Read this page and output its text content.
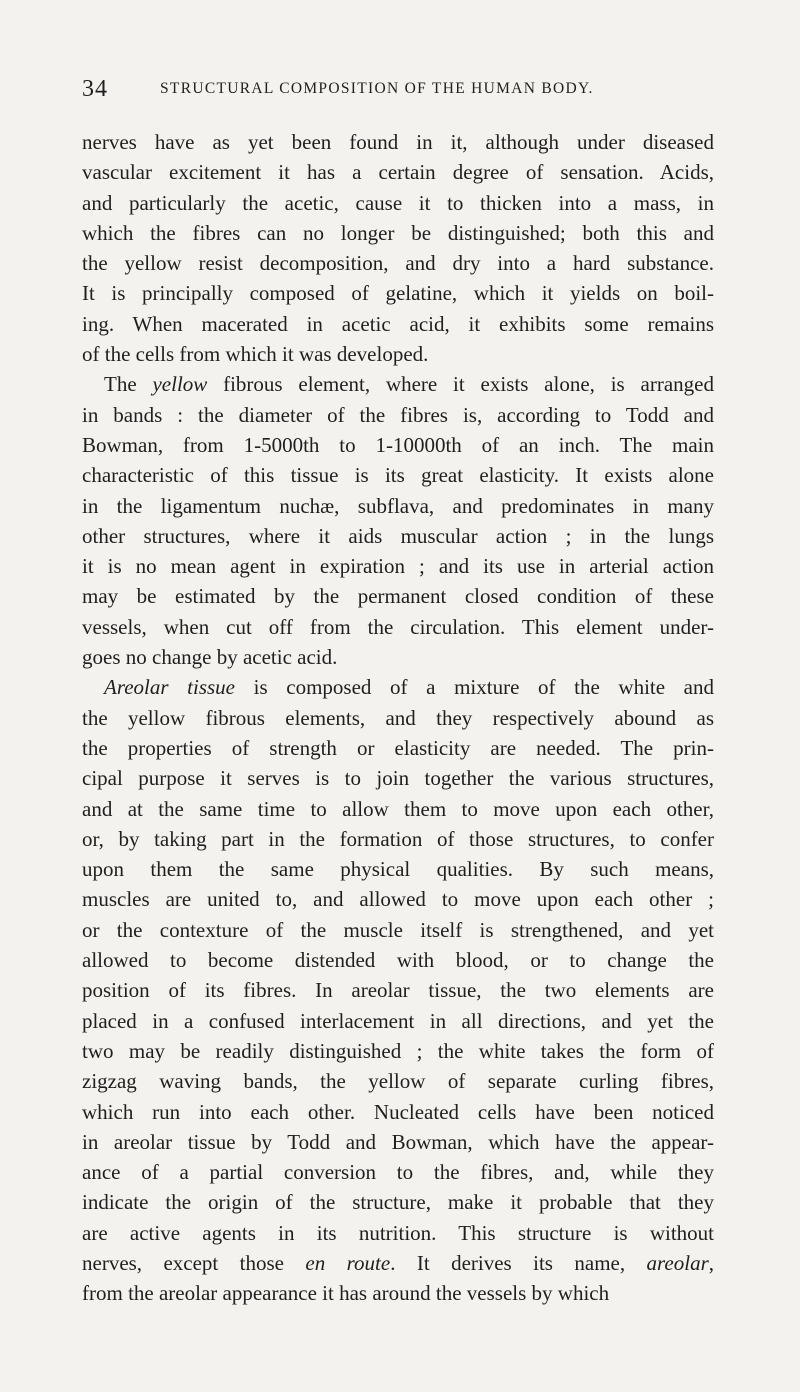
34	STRUCTURAL COMPOSITION OF THE HUMAN BODY.
nerves have as yet been found in it, although under diseased
vascular excitement it has a certain degree of sensation. Acids,
and particularly the acetic, cause it to thicken into a mass, in
which the fibres can no longer be distinguished; both this and
the yellow resist decomposition, and dry into a hard substance.
It is principally composed of gelatine, which it yields on boil-
ing. When macerated in acetic acid, it exhibits some remains
of the cells from which it was developed.
The yellow fibrous element, where it exists alone, is arranged
in bands : the diameter of the fibres is, according to Todd and
Bowman, from 1-5000th to 1-10000th of an inch. The main
characteristic of this tissue is its great elasticity. It exists alone
in the ligamentum nuchæ, subflava, and predominates in many
other structures, where it aids muscular action ; in the lungs
it is no mean agent in expiration ; and its use in arterial action
may be estimated by the permanent closed condition of these
vessels, when cut off from the circulation. This element under-
goes no change by acetic acid.
Areolar tissue is composed of a mixture of the white and
the yellow fibrous elements, and they respectively abound as
the properties of strength or elasticity are needed. The prin-
cipal purpose it serves is to join together the various structures,
and at the same time to allow them to move upon each other,
or, by taking part in the formation of those structures, to confer
upon them the same physical qualities. By such means,
muscles are united to, and allowed to move upon each other ;
or the contexture of the muscle itself is strengthened, and yet
allowed to become distended with blood, or to change the
position of its fibres. In areolar tissue, the two elements are
placed in a confused interlacement in all directions, and yet the
two may be readily distinguished ; the white takes the form of
zigzag waving bands, the yellow of separate curling fibres,
which run into each other. Nucleated cells have been noticed
in areolar tissue by Todd and Bowman, which have the appear-
ance of a partial conversion to the fibres, and, while they
indicate the origin of the structure, make it probable that they
are active agents in its nutrition. This structure is without
nerves, except those en route. It derives its name, areolar,
from the areolar appearance it has around the vessels by which
